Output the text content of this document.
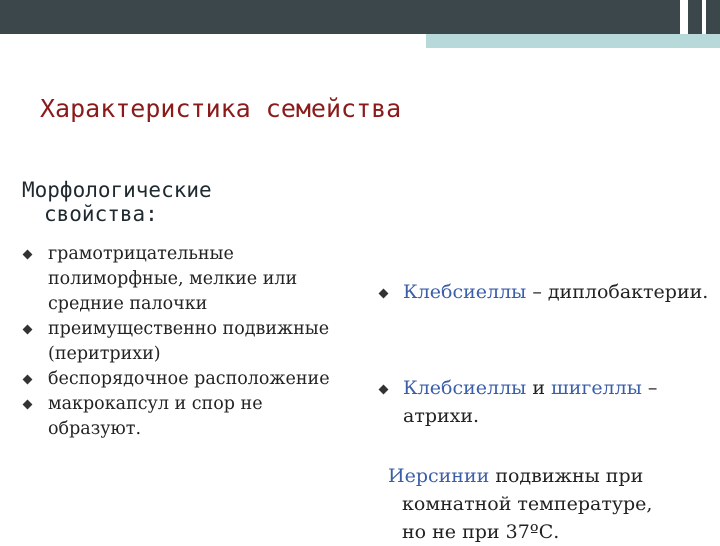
Характеристика семейства
Морфологические
свойства:
грамотрицательные полиморфные, мелкие или средние палочки
преимущественно подвижные (перитрихи)
беспорядочное расположение
макрокапсул и спор не образуют.
Клебсиеллы – диплобактерии.
Клебсиеллы и шигеллы – атрихи.
Иерсинии подвижны при
комнатной температуре,
но не при 37ºС.
